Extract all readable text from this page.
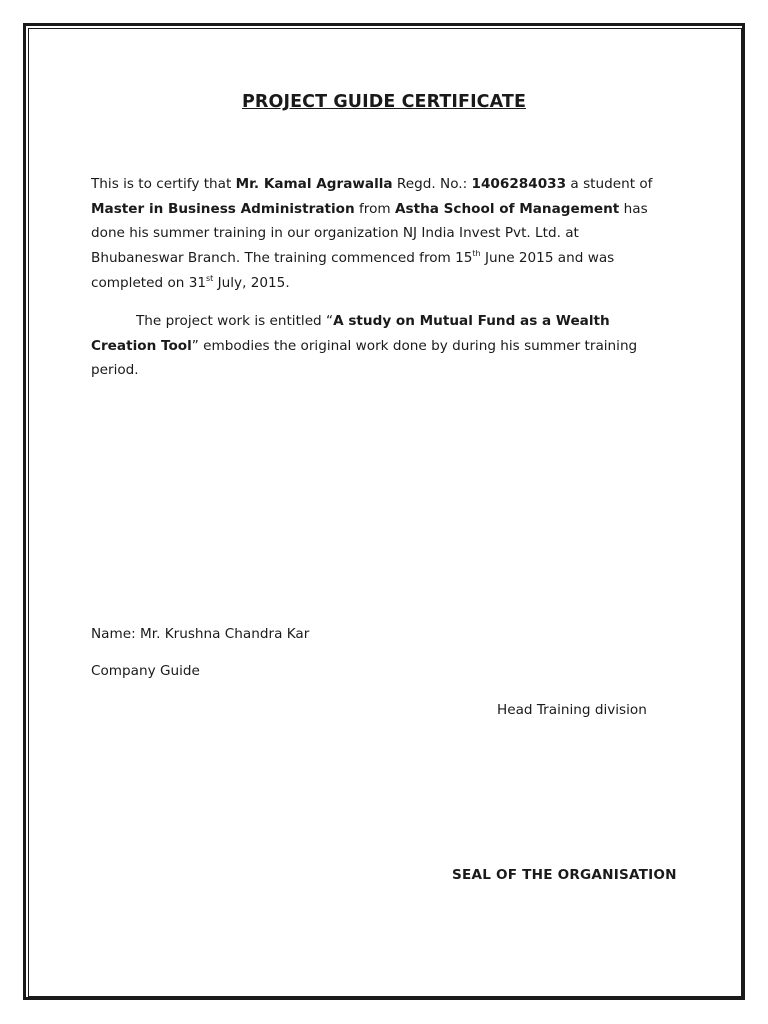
PROJECT GUIDE CERTIFICATE
This is to certify that Mr. Kamal Agrawalla Regd. No.: 1406284033 a student of Master in Business Administration from Astha School of Management has done his summer training in our organization NJ India Invest Pvt. Ltd. at Bhubaneswar Branch. The training commenced from 15th June 2015 and was completed on 31st July, 2015.
The project work is entitled “A study on Mutual Fund as a Wealth Creation Tool” embodies the original work done by during his summer training period.
Name: Mr. Krushna Chandra Kar
Company Guide
Head Training division
SEAL OF THE ORGANISATION
